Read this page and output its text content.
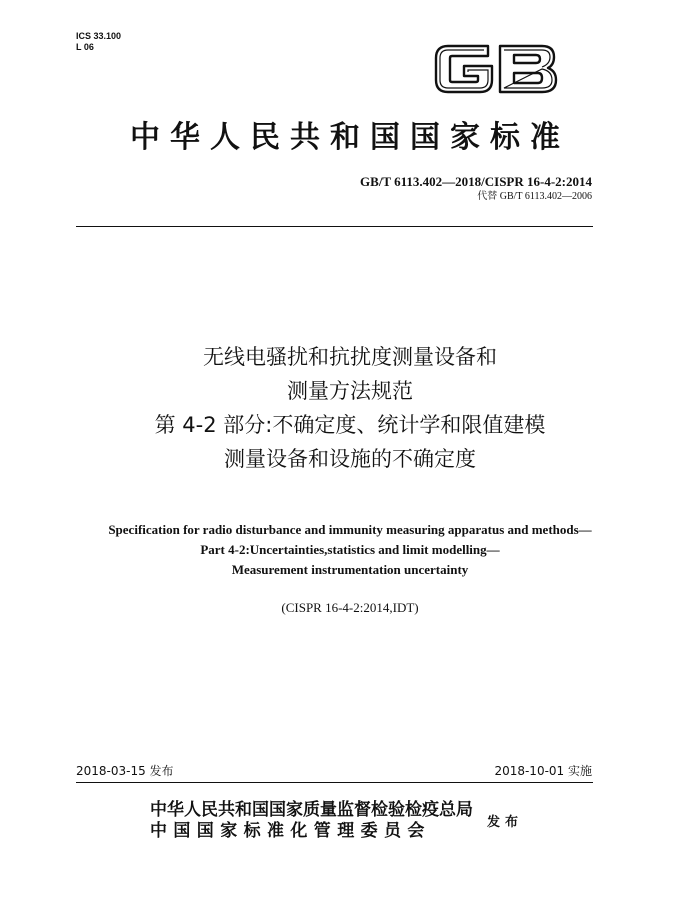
ICS 33.100
L 06
中华人民共和国国家标准
GB/T 6113.402—2018/CISPR 16-4-2:2014
代替 GB/T 6113.402—2006
无线电骚扰和抗扰度测量设备和
测量方法规范
第 4-2 部分:不确定度、统计学和限值建模
测量设备和设施的不确定度
Specification for radio disturbance and immunity measuring apparatus and methods—
Part 4-2:Uncertainties,statistics and limit modelling—
Measurement instrumentation uncertainty
(CISPR 16-4-2:2014,IDT)
2018-03-15 发布	2018-10-01 实施
中华人民共和国国家质量监督检验检疫总局
中国国家标准化管理委员会	发布
